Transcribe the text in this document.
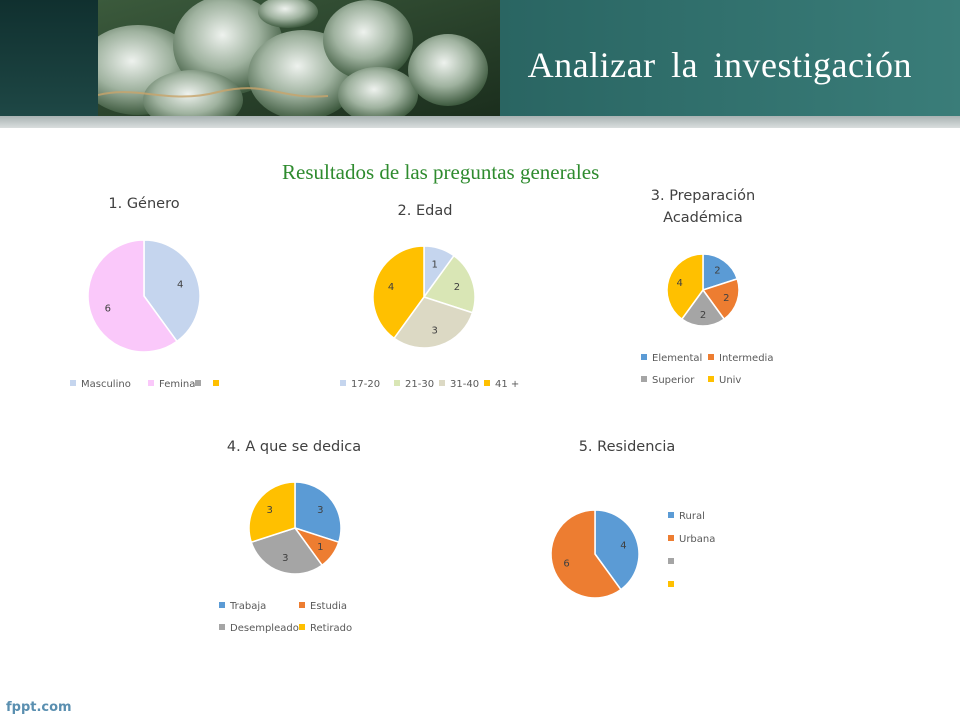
Analizar la investigación
Resultados de las preguntas generales
1. Género
4
6
Masculino	Femina
2. Edad
1
2
3
4
17-20	21-30	31-40	41 +
3. Preparación
Académica
2
2
2
4
Elemental	Intermedia
Superior	Univ
4. A que se dedica
3
1
3
3
Trabaja	Estudia
Desempleado	Retirado
5. Residencia
4
6
Rural
Urbana
fppt.com
